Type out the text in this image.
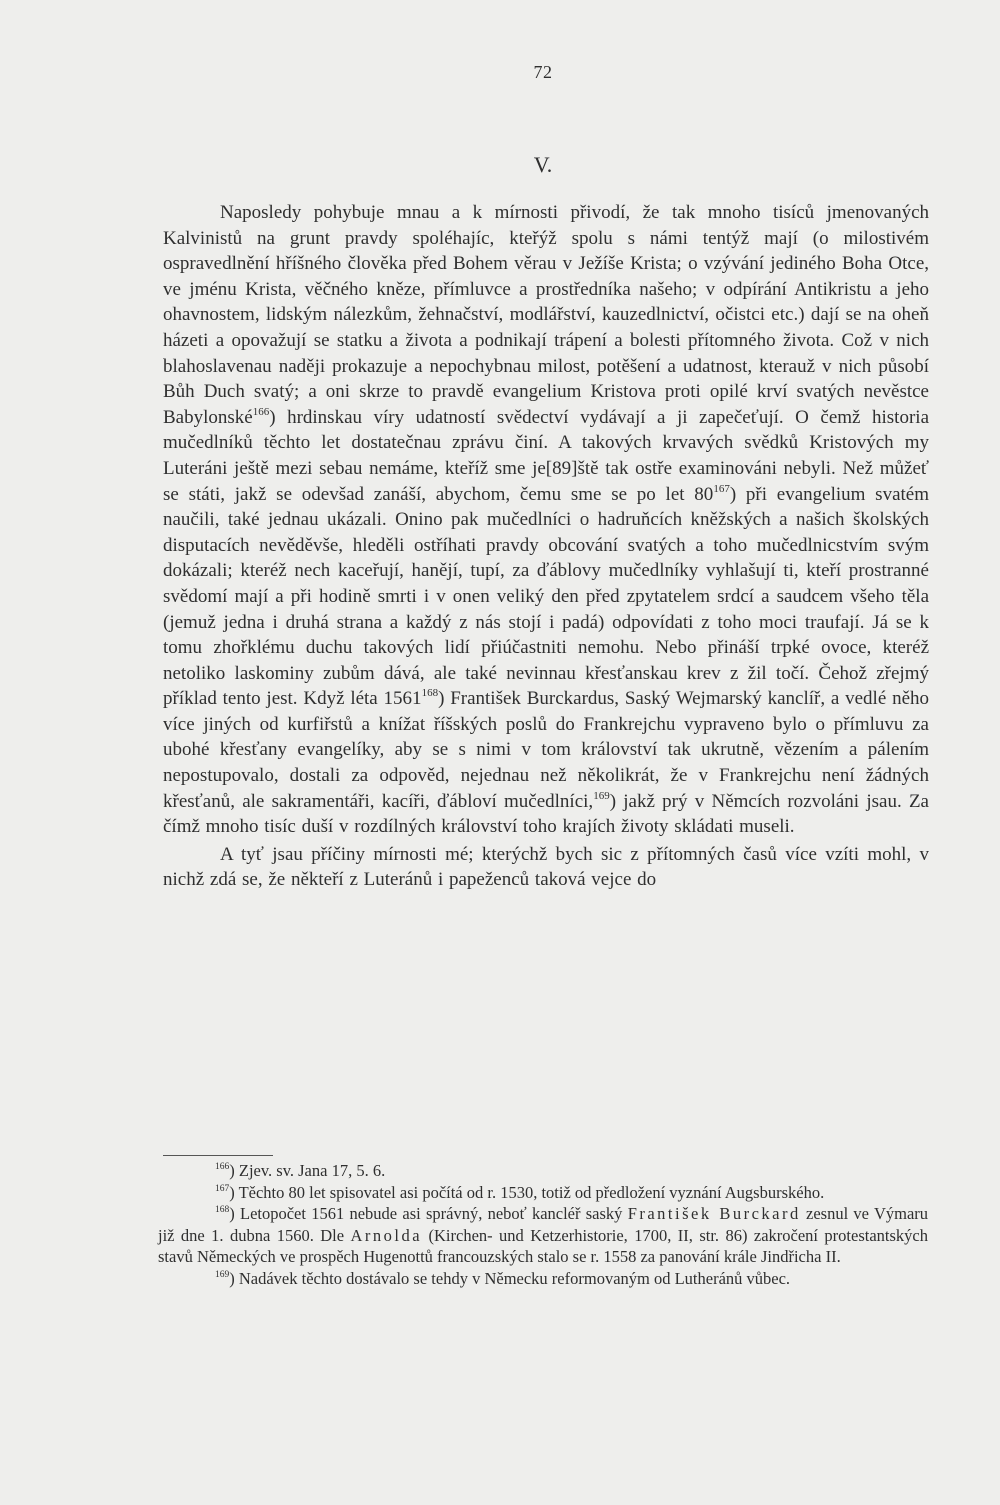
72
V.

Naposledy pohybuje mnau a k mírnosti přivodí, že tak mnoho tisíců jmenovaných Kalvinistů na grunt pravdy spoléhajíc, kteřýž spolu s námi tentýž mají (o milostivém ospravedlnění hříšného člověka před Bohem věrau v Ježíše Krista; o vzývání jediného Boha Otce, ve jménu Krista, věčného kněze, přímluvce a prostředníka našeho; v odpírání Antikristu a jeho ohavnostem, lidským nálezkům, žehnačství, modlářství, kauzedlnictví, očistci etc.) dají se na oheň házeti a opovažují se statku a života a podnikají trápení a bolesti přítomného života. Což v nich blahoslavenau naději prokazuje a nepochybnau milost, potěšení a udatnost, kterauž v nich působí Bůh Duch svatý; a oni skrze to pravdě evangelium Kristova proti opilé krví svatých nevěstce Babylonské$^{166}$) hrdinskau víry udatností svědectví vydávají a ji zapečeťují. O čemž historia mučedlníků těchto let dostatečnau zprávu činí. A takových krvavých svědků Kristových my Luteráni ještě mezi sebau nemáme, kteříž sme je[89]ště tak ostře examinováni nebyli. Než můžeť se státi, jakž se odevšad zanáší, abychom, čemu sme se po let $80^{167}$) při evangelium svatém naučili, také jednau ukázali. Onino pak mučedlníci o hadruňcích kněžských a našich školských disputacích nevěděvše, hleděli ostříhati pravdy obcování svatých a toho mučedlnicstvím svým dokázali; kteréž nech kaceřují, hanějí, tupí, za ďáblovy mučedlníky vyhlašují ti, kteří prostranné svědomí mají a při hodině smrti i v onen veliký den před zpytatelem srdcí a saudcem všeho těla (jemuž jedna i druhá strana a každý z nás stojí i padá) odpovídati z toho moci traufají. Já se k tomu zhořklému duchu takových lidí přiúčastniti nemohu. Nebo přináší trpké ovoce, kteréž netoliko laskominy zubům dává, ale také nevinnau křesťanskau krev z žil točí. Čehož zřejmý příklad tento jest. Když léta 1561$^{168}$) František Burckardus, Saský Wejmarský kanclíř, a vedlé něho více jiných od kurfiřstů a knížat říšských poslů do Frankrejchu vypraveno bylo o přímluvu za ubohé křesťany evangelíky, aby se s nimi v tom království tak ukrutně, vězením a pálením nepostupovalo, dostali za odpověd, nejednau než několikrát, že v Frankrejchu není žádných křesťanů, ale sakramentáři, kacíři, ďábloví mučedlníci,$^{169}$) jakž prý v Němcích rozvoláni jsau. Za čímž mnoho tisíc duší v rozdílných království toho krajích životy skládati museli.

A tyť jsau příčiny mírnosti mé; kterýchž bych sic z přítomných časů více vzíti mohl, v nichž zdá se, že někteří z Luteránů i papeženců taková vejce do

$^{166}$) Zjev. sv. Jana 17, 5. 6.

$^{167}$) Těchto 80 let spisovatel asi počítá od r. 1530, totiž od předložení vyznání Augsburského.

$^{168}$) Letopočet 1561 nebude asi správný, neboť kancléř saský František Burckard zesnul ve Výmaru již dne 1. dubna 1560. Dle Arnolda (Kirchen- und Ketzerhistorie, 1700, II, str. 86) zakročení protestantských stavů Německých ve prospěch Hugenottů francouzských stalo se r. 1558 za panování krále Jindřicha II.

$^{169}$) Nadávek těchto dostávalo se tehdy v Německu reformovaným od Lutheránů vůbec.
